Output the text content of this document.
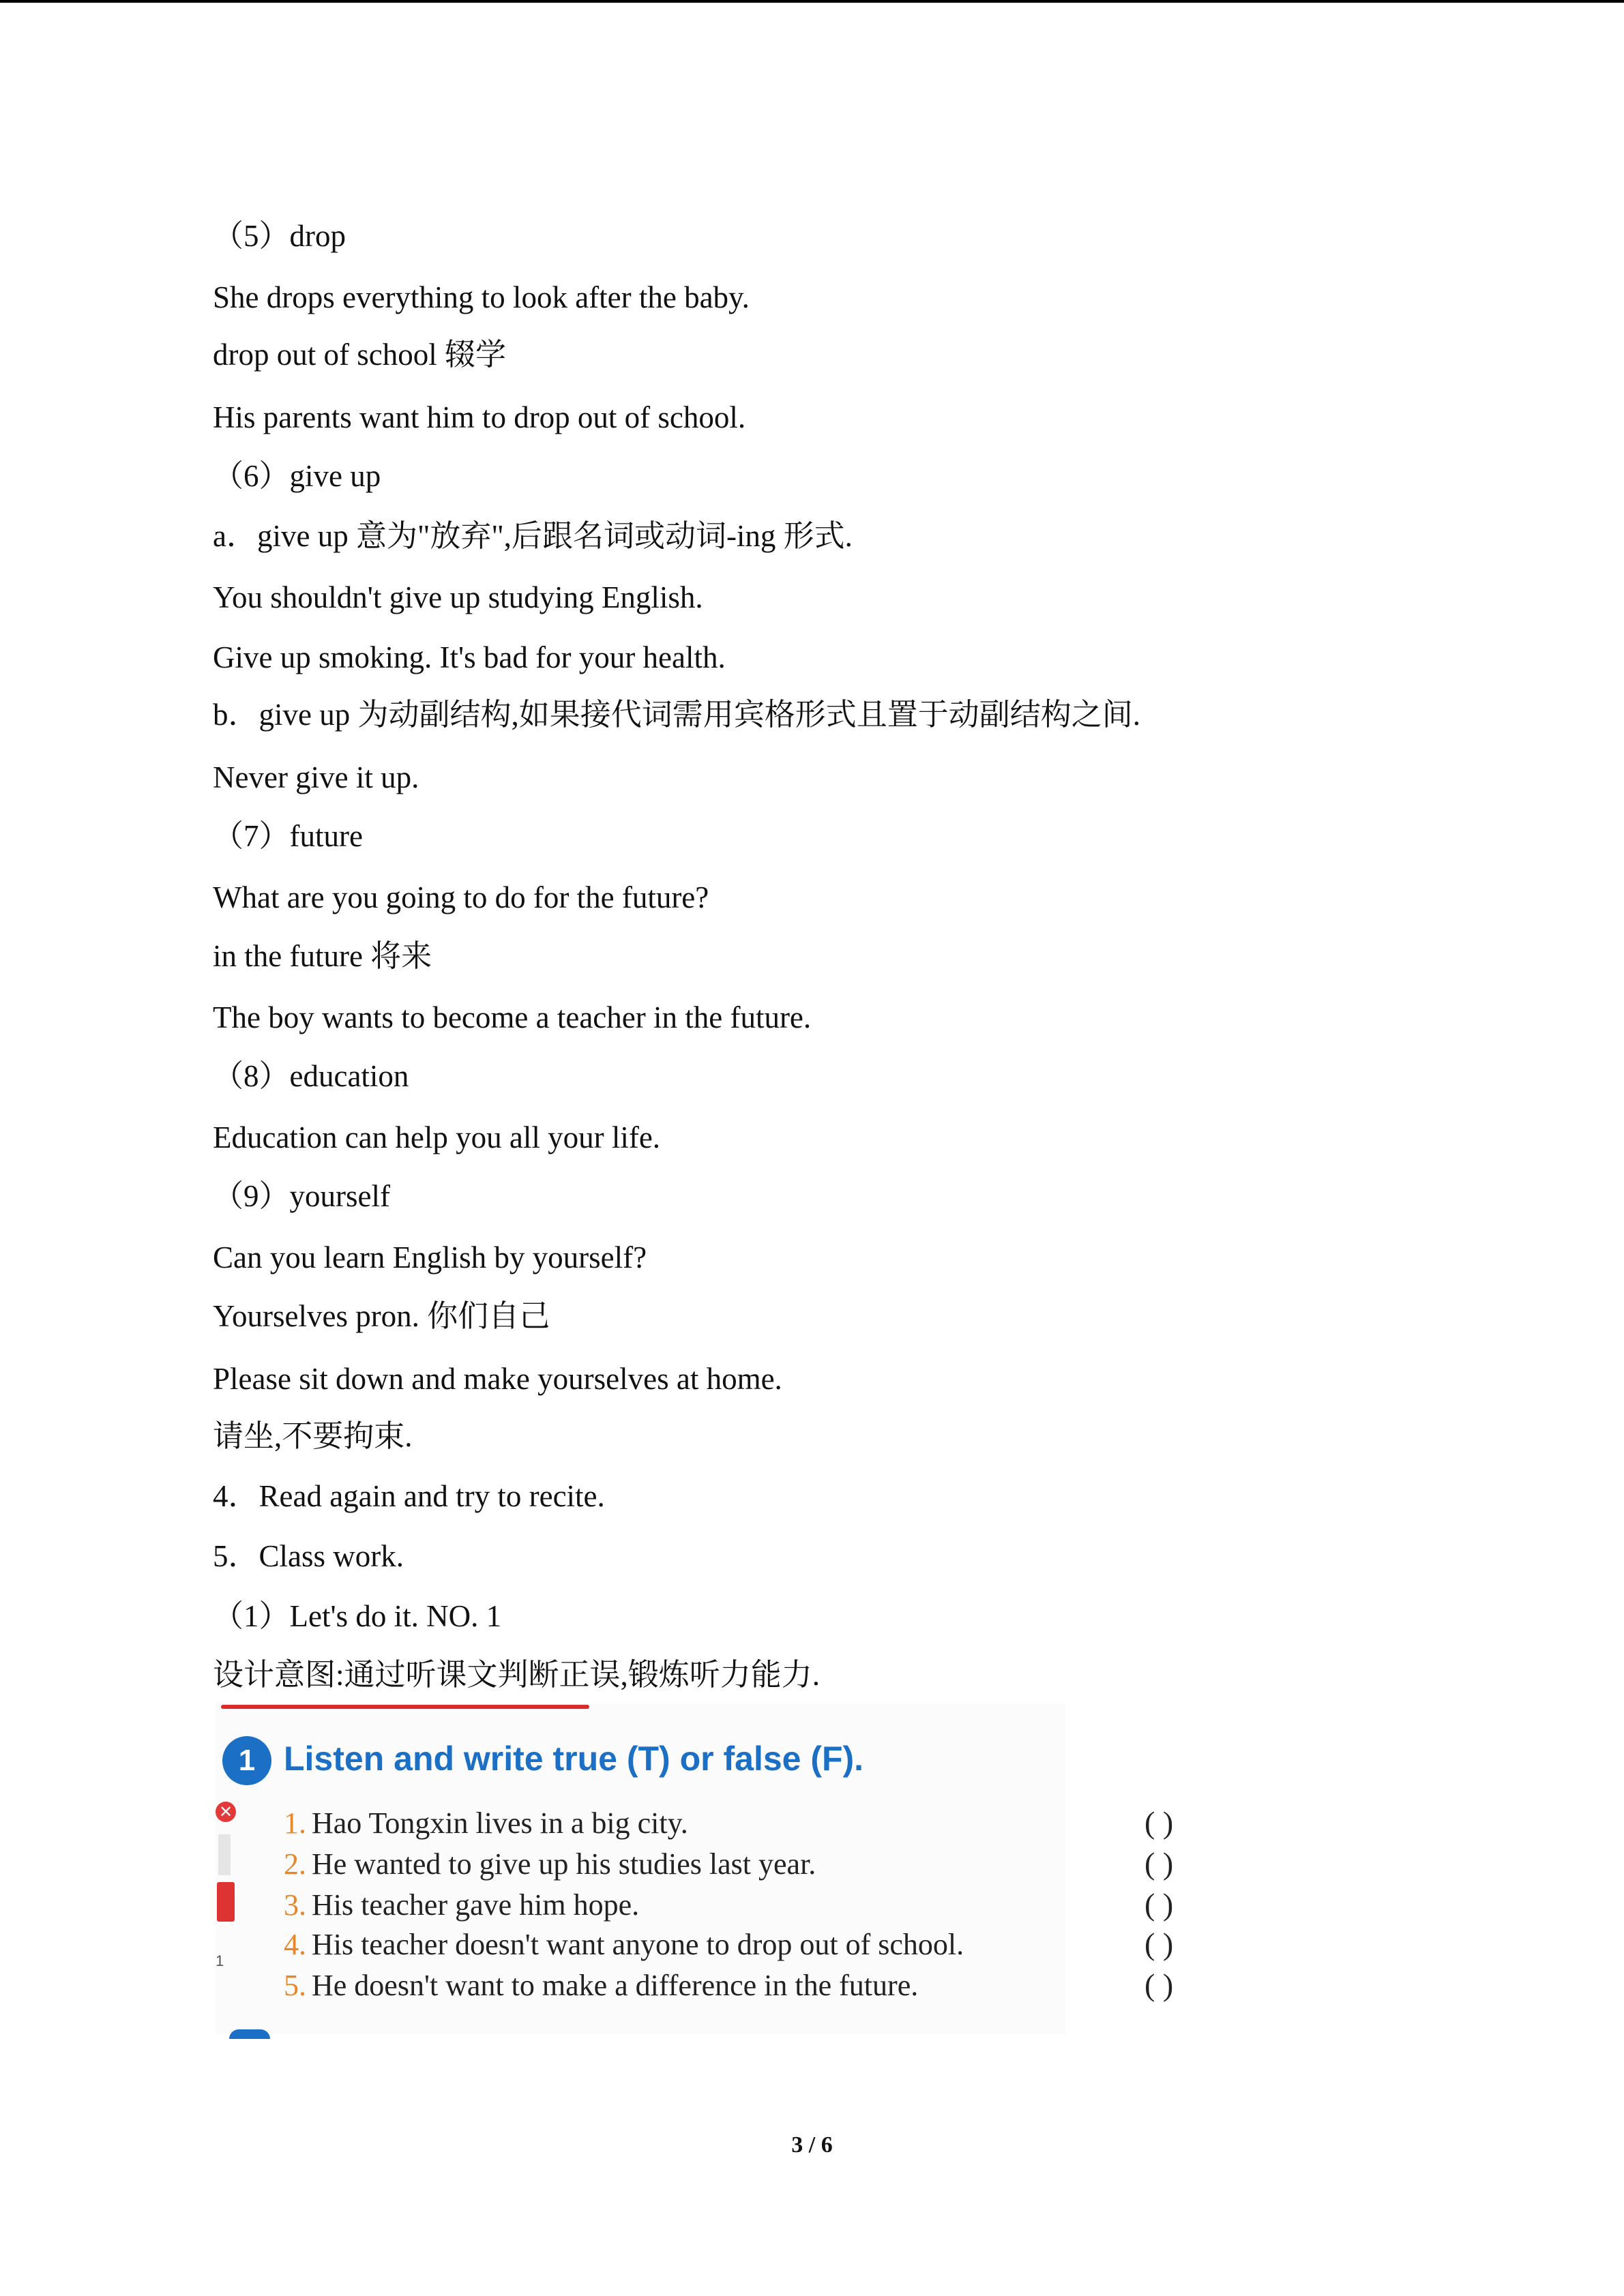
（5）drop
She drops everything to look after the baby.
drop out of school 辍学
His parents want him to drop out of school.
（6）give up
a．give up 意为"放弃",后跟名词或动词-ing 形式.
You shouldn't give up studying English.
Give up smoking. It's bad for your health.
b．give up 为动副结构,如果接代词需用宾格形式且置于动副结构之间.
Never give it up.
（7）future
What are you going to do for the future?
in the future 将来
The boy wants to become a teacher in the future.
（8）education
Education can help you all your life.
（9）yourself
Can you learn English by yourself?
Yourselves pron. 你们自己
Please sit down and make yourselves at home.
请坐,不要拘束.
4．Read again and try to recite.
5．Class work.
（1）Let's do it. NO. 1
设计意图:通过听课文判断正误,锻炼听力能力.
1 Listen and write true (T) or false (F).
✕
1
1. Hao Tongxin lives in a big city.	( )
2. He wanted to give up his studies last year.	( )
3. His teacher gave him hope.	( )
4. His teacher doesn't want anyone to drop out of school.	( )
5. He doesn't want to make a difference in the future.	( )
3 / 6
